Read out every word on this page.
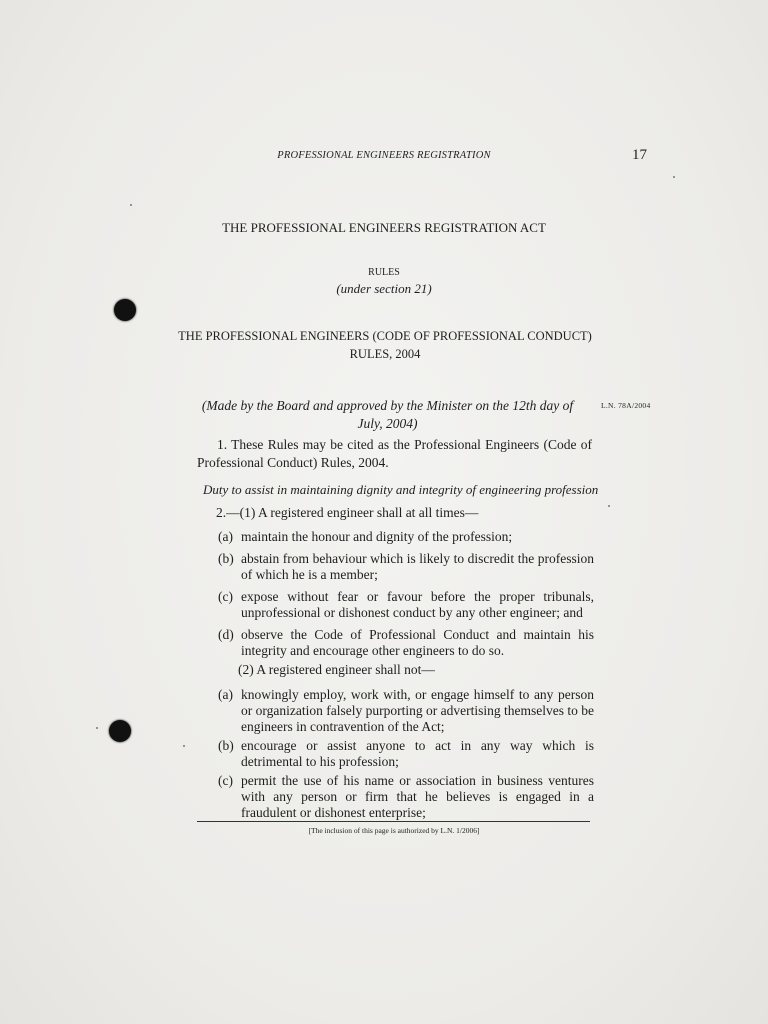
PROFESSIONAL ENGINEERS REGISTRATION	17
THE PROFESSIONAL ENGINEERS REGISTRATION ACT
RULES
(under section 21)
THE PROFESSIONAL ENGINEERS (CODE OF PROFESSIONAL CONDUCT)
RULES, 2004
(Made by the Board and approved by the Minister on the 12th day of July, 2004)
L.N. 78A/2004
1. These Rules may be cited as the Professional Engineers (Code of Professional Conduct) Rules, 2004.
Duty to assist in maintaining dignity and integrity of engineering profession
2.—(1) A registered engineer shall at all times—
(a) maintain the honour and dignity of the profession;
(b) abstain from behaviour which is likely to discredit the profession of which he is a member;
(c) expose without fear or favour before the proper tribunals, unprofessional or dishonest conduct by any other engineer; and
(d) observe the Code of Professional Conduct and maintain his integrity and encourage other engineers to do so.
(2) A registered engineer shall not—
(a) knowingly employ, work with, or engage himself to any person or organization falsely purporting or advertising themselves to be engineers in contravention of the Act;
(b) encourage or assist anyone to act in any way which is detrimental to his profession;
(c) permit the use of his name or association in business ventures with any person or firm that he believes is engaged in a fraudulent or dishonest enterprise;
[The inclusion of this page is authorized by L.N. 1/2006]
